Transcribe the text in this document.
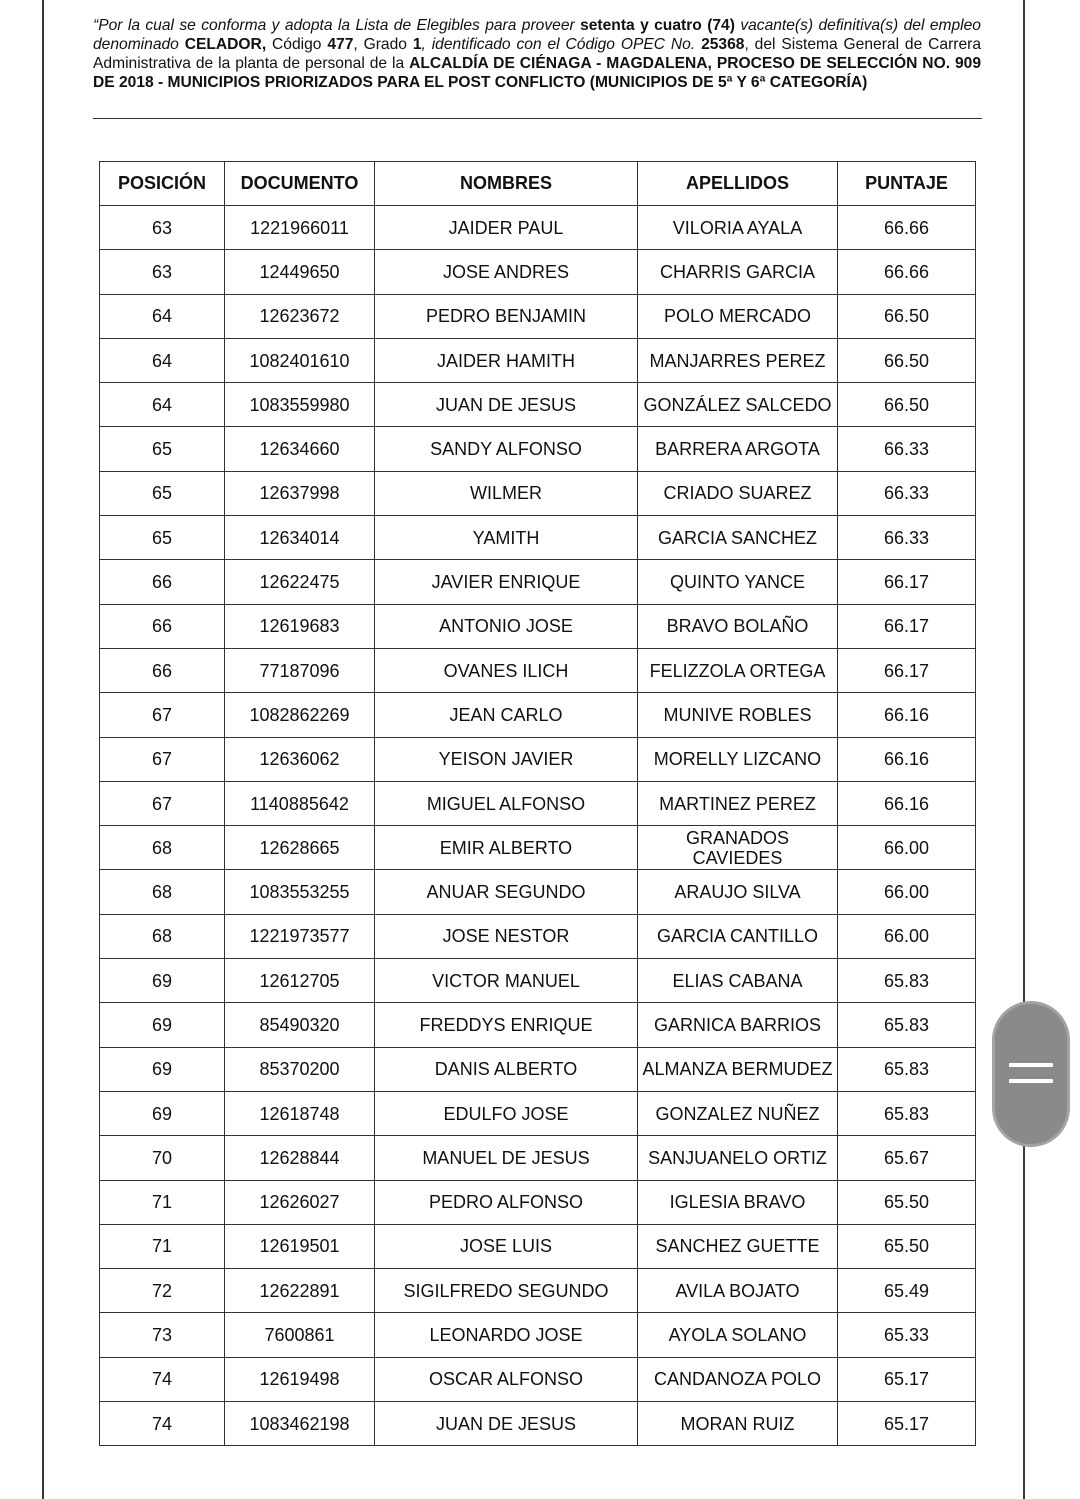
“Por la cual se conforma y adopta la Lista de Elegibles para proveer setenta y cuatro (74) vacante(s) definitiva(s) del empleo denominado CELADOR, Código 477, Grado 1, identificado con el Código OPEC No. 25368, del Sistema General de Carrera Administrativa de la planta de personal de la ALCALDÍA DE CIÉNAGA - MAGDALENA, PROCESO DE SELECCIÓN NO. 909 DE 2018 - MUNICIPIOS PRIORIZADOS PARA EL POST CONFLICTO (MUNICIPIOS DE 5ª Y 6ª CATEGORÍA)
POSICIÓN	DOCUMENTO	NOMBRES	APELLIDOS	PUNTAJE
63	1221966011	JAIDER PAUL	VILORIA AYALA	66.66
63	12449650	JOSE ANDRES	CHARRIS GARCIA	66.66
64	12623672	PEDRO BENJAMIN	POLO MERCADO	66.50
64	1082401610	JAIDER HAMITH	MANJARRES PEREZ	66.50
64	1083559980	JUAN DE JESUS	GONZÁLEZ SALCEDO	66.50
65	12634660	SANDY ALFONSO	BARRERA ARGOTA	66.33
65	12637998	WILMER	CRIADO SUAREZ	66.33
65	12634014	YAMITH	GARCIA SANCHEZ	66.33
66	12622475	JAVIER ENRIQUE	QUINTO YANCE	66.17
66	12619683	ANTONIO JOSE	BRAVO BOLAÑO	66.17
66	77187096	OVANES ILICH	FELIZZOLA ORTEGA	66.17
67	1082862269	JEAN CARLO	MUNIVE ROBLES	66.16
67	12636062	YEISON JAVIER	MORELLY LIZCANO	66.16
67	1140885642	MIGUEL ALFONSO	MARTINEZ PEREZ	66.16
68	12628665	EMIR ALBERTO	GRANADOS CAVIEDES	66.00
68	1083553255	ANUAR SEGUNDO	ARAUJO SILVA	66.00
68	1221973577	JOSE NESTOR	GARCIA CANTILLO	66.00
69	12612705	VICTOR MANUEL	ELIAS CABANA	65.83
69	85490320	FREDDYS ENRIQUE	GARNICA BARRIOS	65.83
69	85370200	DANIS ALBERTO	ALMANZA BERMUDEZ	65.83
69	12618748	EDULFO JOSE	GONZALEZ NUÑEZ	65.83
70	12628844	MANUEL DE JESUS	SANJUANELO ORTIZ	65.67
71	12626027	PEDRO ALFONSO	IGLESIA BRAVO	65.50
71	12619501	JOSE LUIS	SANCHEZ GUETTE	65.50
72	12622891	SIGILFREDO SEGUNDO	AVILA BOJATO	65.49
73	7600861	LEONARDO JOSE	AYOLA SOLANO	65.33
74	12619498	OSCAR ALFONSO	CANDANOZA POLO	65.17
74	1083462198	JUAN DE JESUS	MORAN RUIZ	65.17
